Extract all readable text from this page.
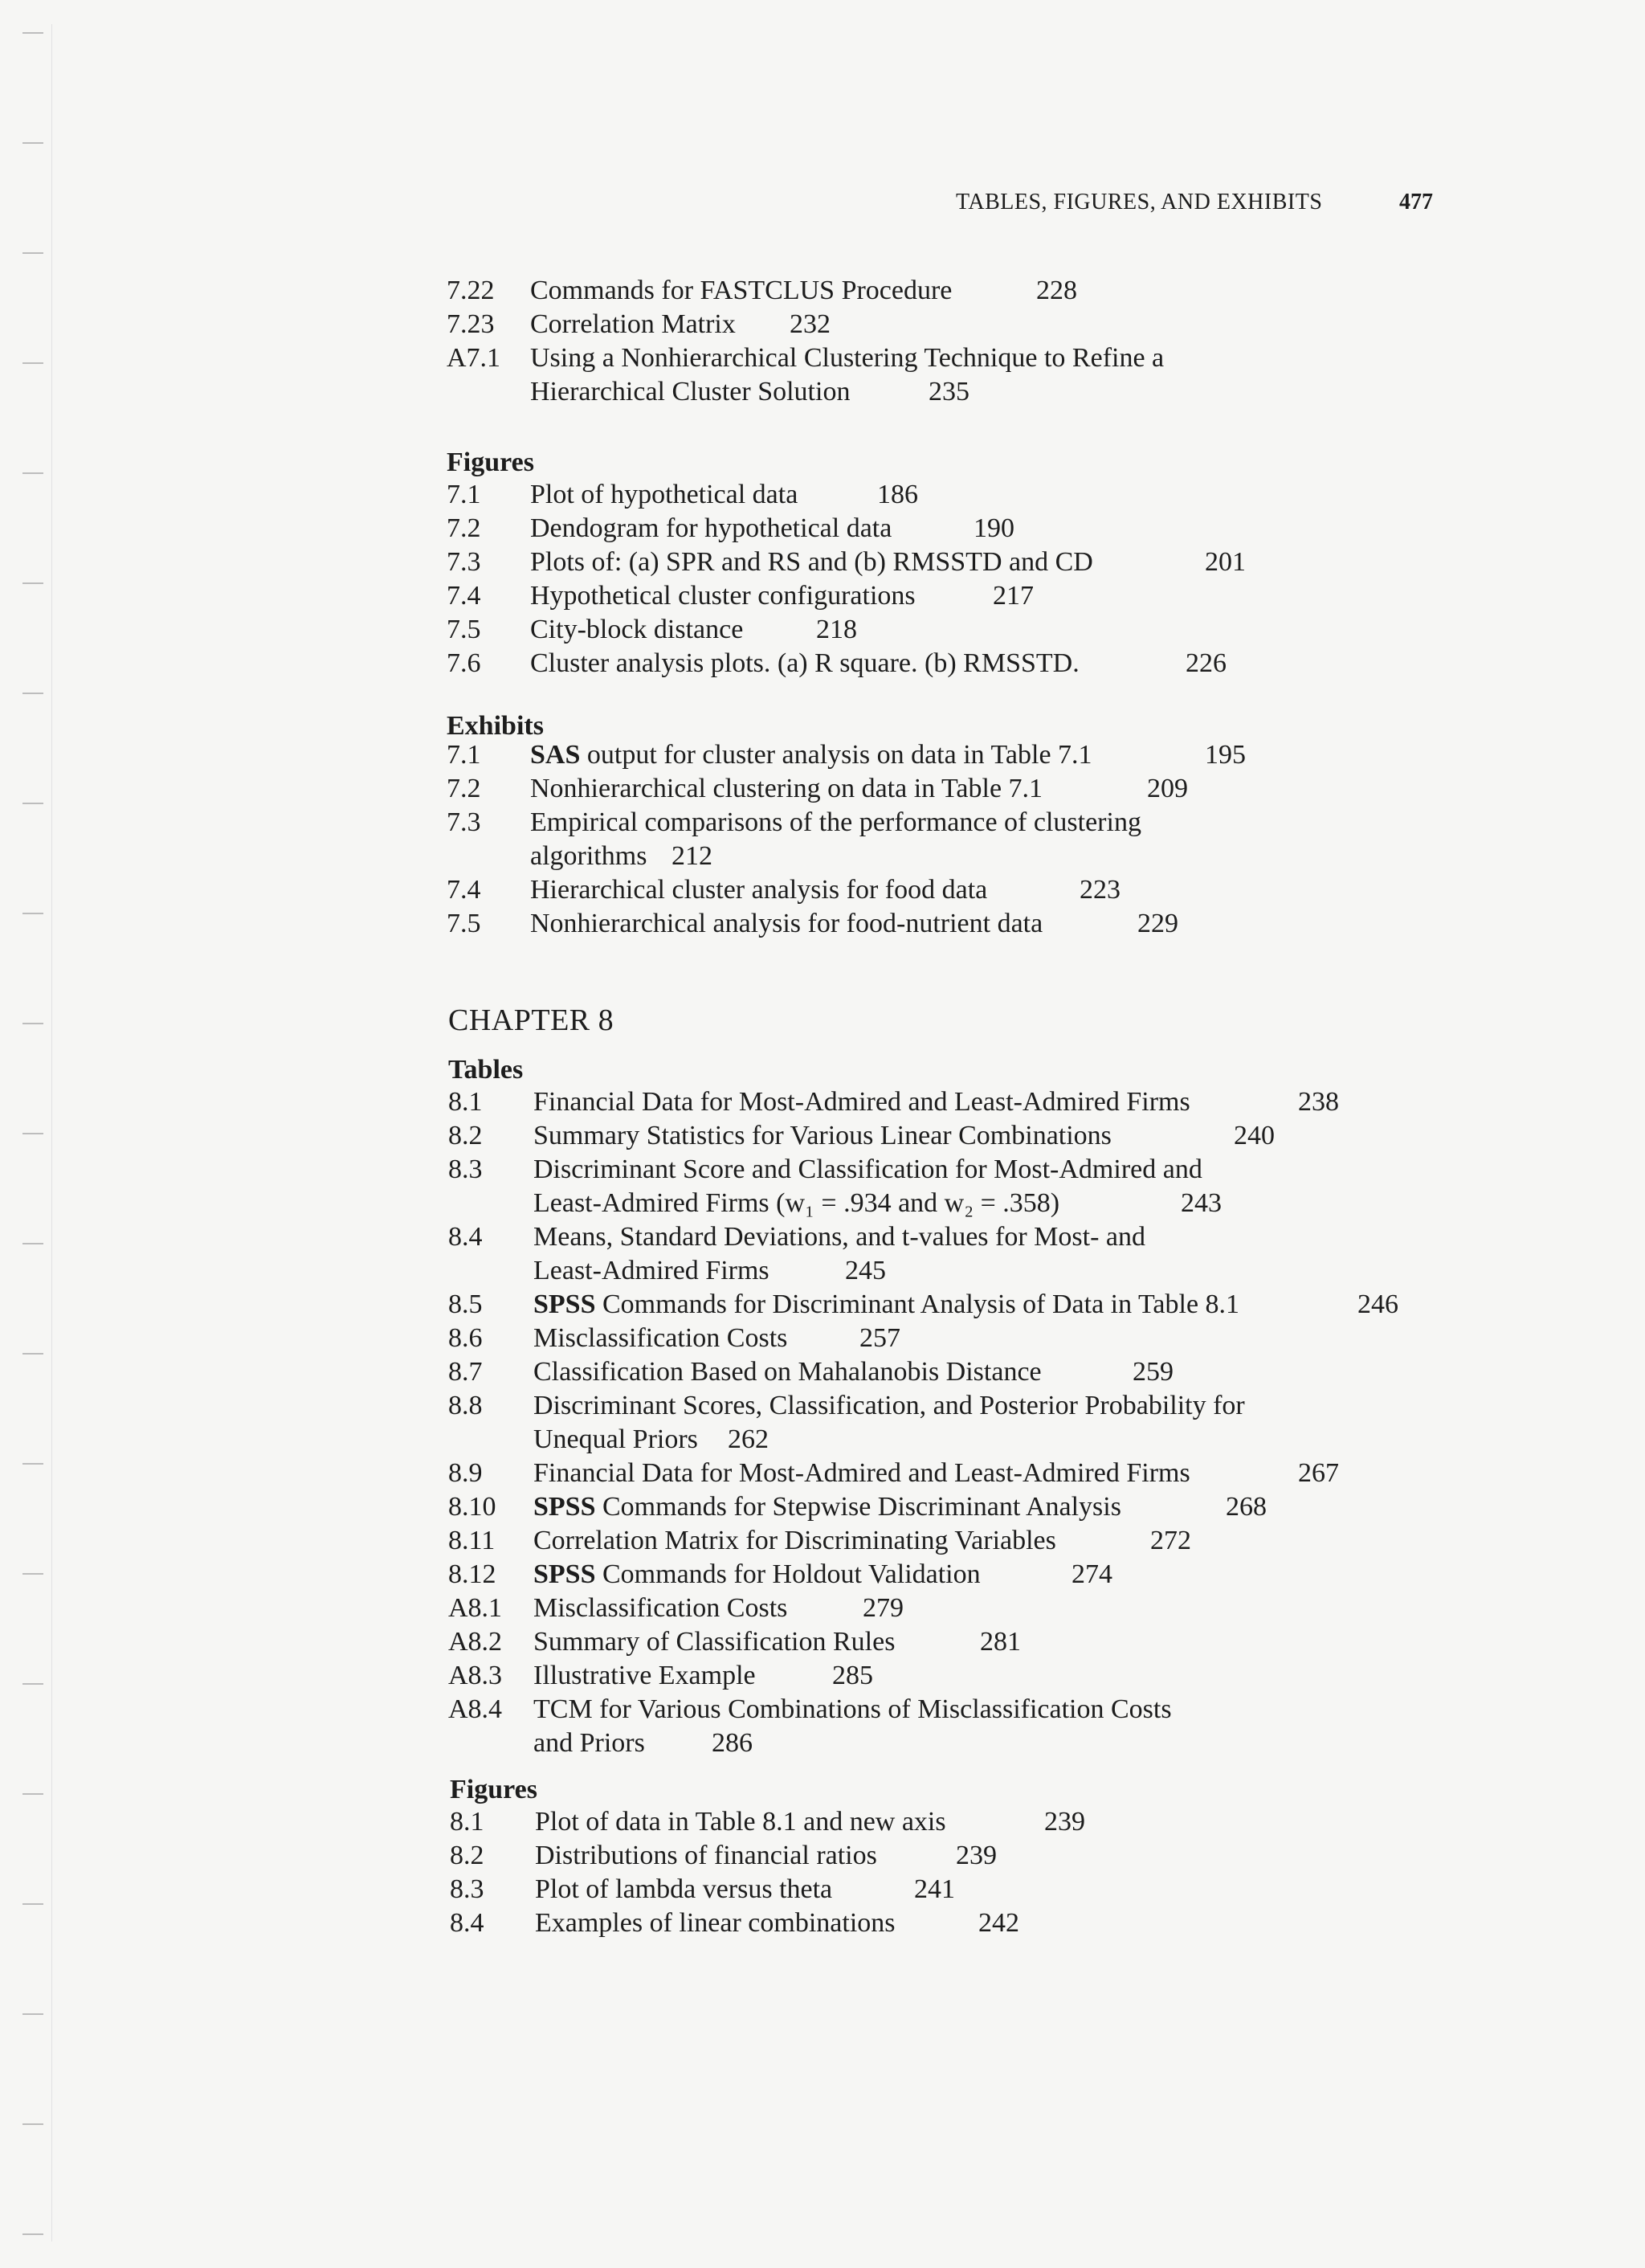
TABLES, FIGURES, AND EXHIBITS	477
Figures
Exhibits
CHAPTER 8
Tables
Figures
7.22 Commands for FASTCLUS Procedure	228
7.23 Correlation Matrix 232
A7.1 Using a Nonhierarchical Clustering Technique to Refine a
Hierarchical Cluster Solution	235
7.1 Plot of hypothetical data	186
7.2 Dendogram for hypothetical data	190
7.3 Plots of: (a) SPR and RS and (b) RMSSTD and CD	201
7.4 Hypothetical cluster configurations	217
7.5 City-block distance	218
7.6 Cluster analysis plots. (a) R square. (b) RMSSTD.	226
7.1 SAS output for cluster analysis on data in Table 7.1	195
7.2 Nonhierarchical clustering on data in Table 7.1	209
7.3 Empirical comparisons of the performance of clustering
algorithms 212
7.4 Hierarchical cluster analysis for food data	223
7.5 Nonhierarchical analysis for food-nutrient data	229
8.1 Financial Data for Most-Admired and Least-Admired Firms	238
8.2 Summary Statistics for Various Linear Combinations	240
8.3 Discriminant Score and Classification for Most-Admired and
Least-Admired Firms (w₁ = .934 and w₂ = .358)	243
8.4 Means, Standard Deviations, and t-values for Most- and
Least-Admired Firms	245
8.5 SPSS Commands for Discriminant Analysis of Data in Table 8.1	246
8.6 Misclassification Costs	257
8.7 Classification Based on Mahalanobis Distance	259
8.8 Discriminant Scores, Classification, and Posterior Probability for
Unequal Priors 262
8.9 Financial Data for Most-Admired and Least-Admired Firms	267
8.10 SPSS Commands for Stepwise Discriminant Analysis	268
8.11 Correlation Matrix for Discriminating Variables	272
8.12 SPSS Commands for Holdout Validation	274
A8.1 Misclassification Costs	279
A8.2 Summary of Classification Rules	281
A8.3 Illustrative Example	285
A8.4 TCM for Various Combinations of Misclassification Costs
and Priors 286
8.1 Plot of data in Table 8.1 and new axis	239
8.2 Distributions of financial ratios	239
8.3 Plot of lambda versus theta	241
8.4 Examples of linear combinations	242
